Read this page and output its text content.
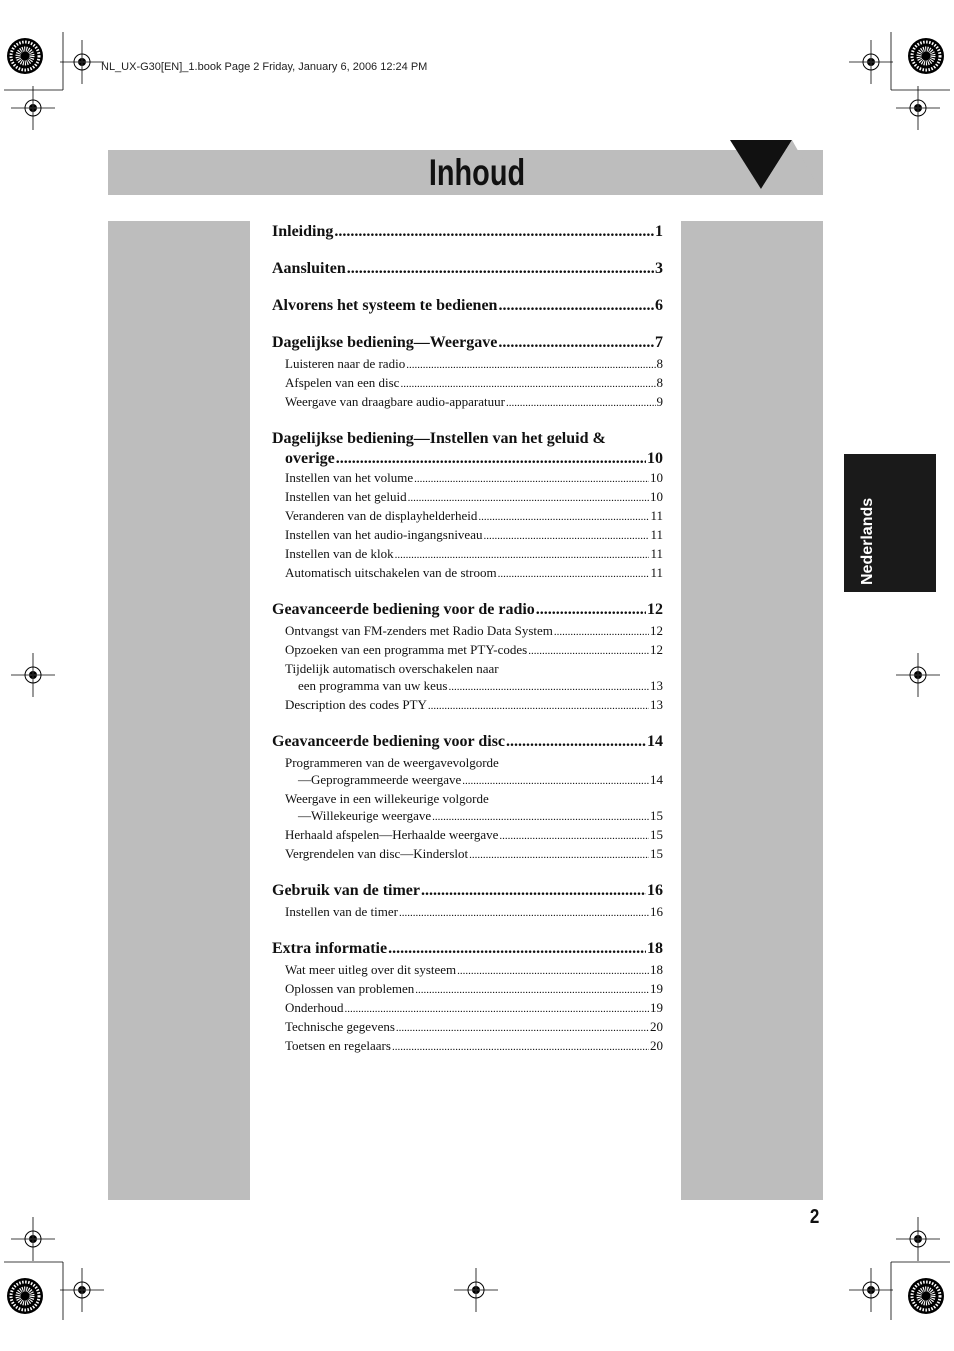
NL_UX-G30[EN]_1.book Page 2 Friday, January 6, 2006 12:24 PM
Inhoud
Nederlands
Inleiding .....	1
Aansluiten .....	3
Alvorens het systeem te bedienen .....	6
Dagelijkse bediening—Weergave .....	7
Luisteren naar de radio .....	8
Afspelen van een disc .....	8
Weergave van draagbare audio-apparatuur .....	9
Dagelijkse bediening—Instellen van het geluid &
overige .....	10
Instellen van het volume .....	10
Instellen van het geluid .....	10
Veranderen van de displayhelderheid .....	11
Instellen van het audio-ingangsniveau .....	11
Instellen van de klok .....	11
Automatisch uitschakelen van de stroom .....	11
Geavanceerde bediening voor de radio .....	12
Ontvangst van FM-zenders met Radio Data System .....	12
Opzoeken van een programma met PTY-codes .....	12
Tijdelijk automatisch overschakelen naar
een programma van uw keus .....	13
Description des codes PTY .....	13
Geavanceerde bediening voor disc .....	14
Programmeren van de weergavevolgorde
—Geprogrammeerde weergave .....	14
Weergave in een willekeurige volgorde
—Willekeurige weergave .....	15
Herhaald afspelen—Herhaalde weergave .....	15
Vergrendelen van disc—Kinderslot .....	15
Gebruik van de timer .....	16
Instellen van de timer .....	16
Extra informatie .....	18
Wat meer uitleg over dit systeem .....	18
Oplossen van problemen .....	19
Onderhoud .....	19
Technische gegevens .....	20
Toetsen en regelaars .....	20
2
